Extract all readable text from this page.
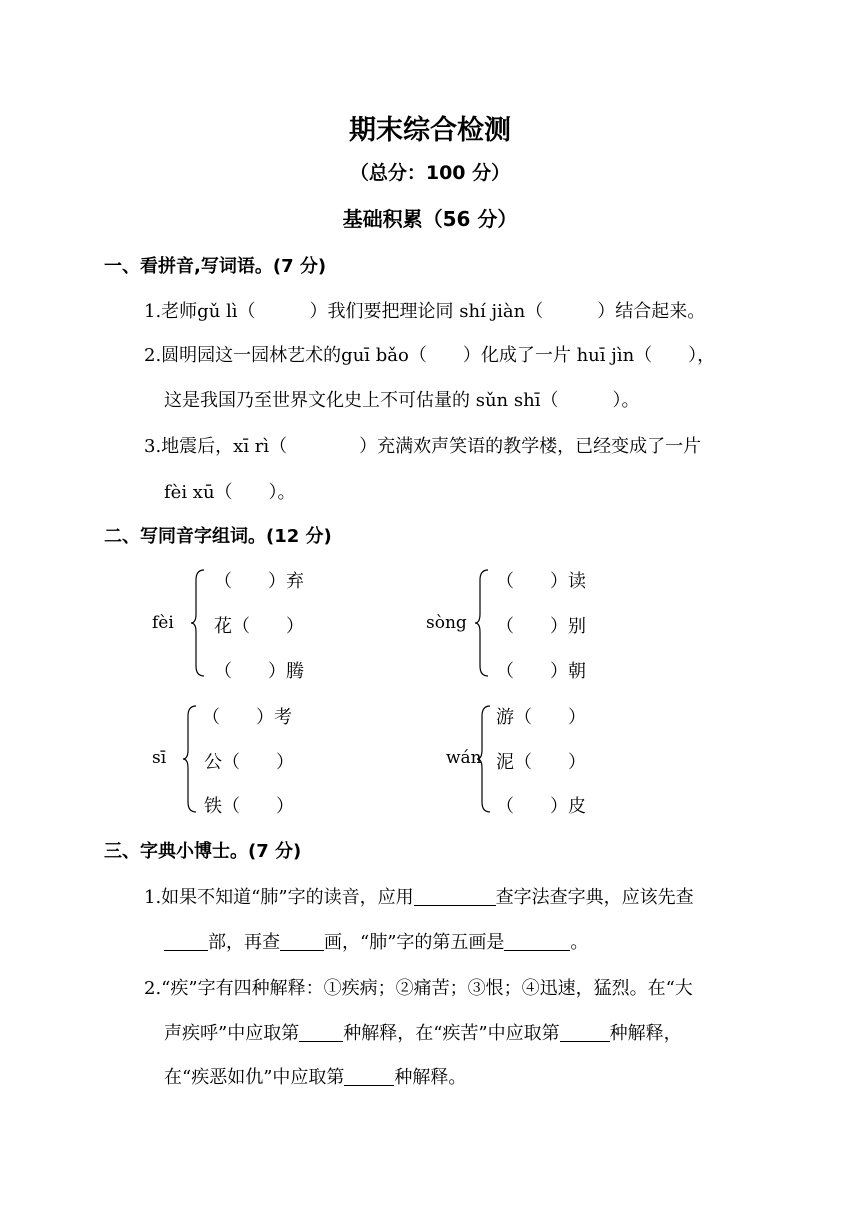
期末综合检测
（总分：100 分）
基础积累（56 分）
一、看拼音,写词语。(7 分)
1.老师gǔ lì（　　　）我们要把理论同 shí jiàn（　　　）结合起来。
2.圆明园这一园林艺术的guī bǎo（　　）化成了一片 huī jìn（　　），
这是我国乃至世界文化史上不可估量的 sǔn shī（　　　）。
3.地震后，xī rì（　　　　）充满欢声笑语的教学楼，已经变成了一片
fèi xū（　　）。
二、写同音字组词。(12 分)
fèi
（　　）弃
花（　　）
（　　）腾
sòng
（　　）读
（　　）别
（　　）朝
sī
（　　）考
公（　　）
铁（　　）
wán
游（　　）
泥（　　）
（　　）皮
三、字典小博士。(7 分)
1.如果不知道“肺”字的读音，应用	查字法查字典，应该先查
部，再查 画，“肺”字的第五画是	。
2.“疾”字有四种解释：①疾病；②痛苦；③恨；④迅速，猛烈。在“大
声疾呼”中应取第 种解释，在“疾苦”中应取第	种解释，
在“疾恶如仇”中应取第	种解释。
